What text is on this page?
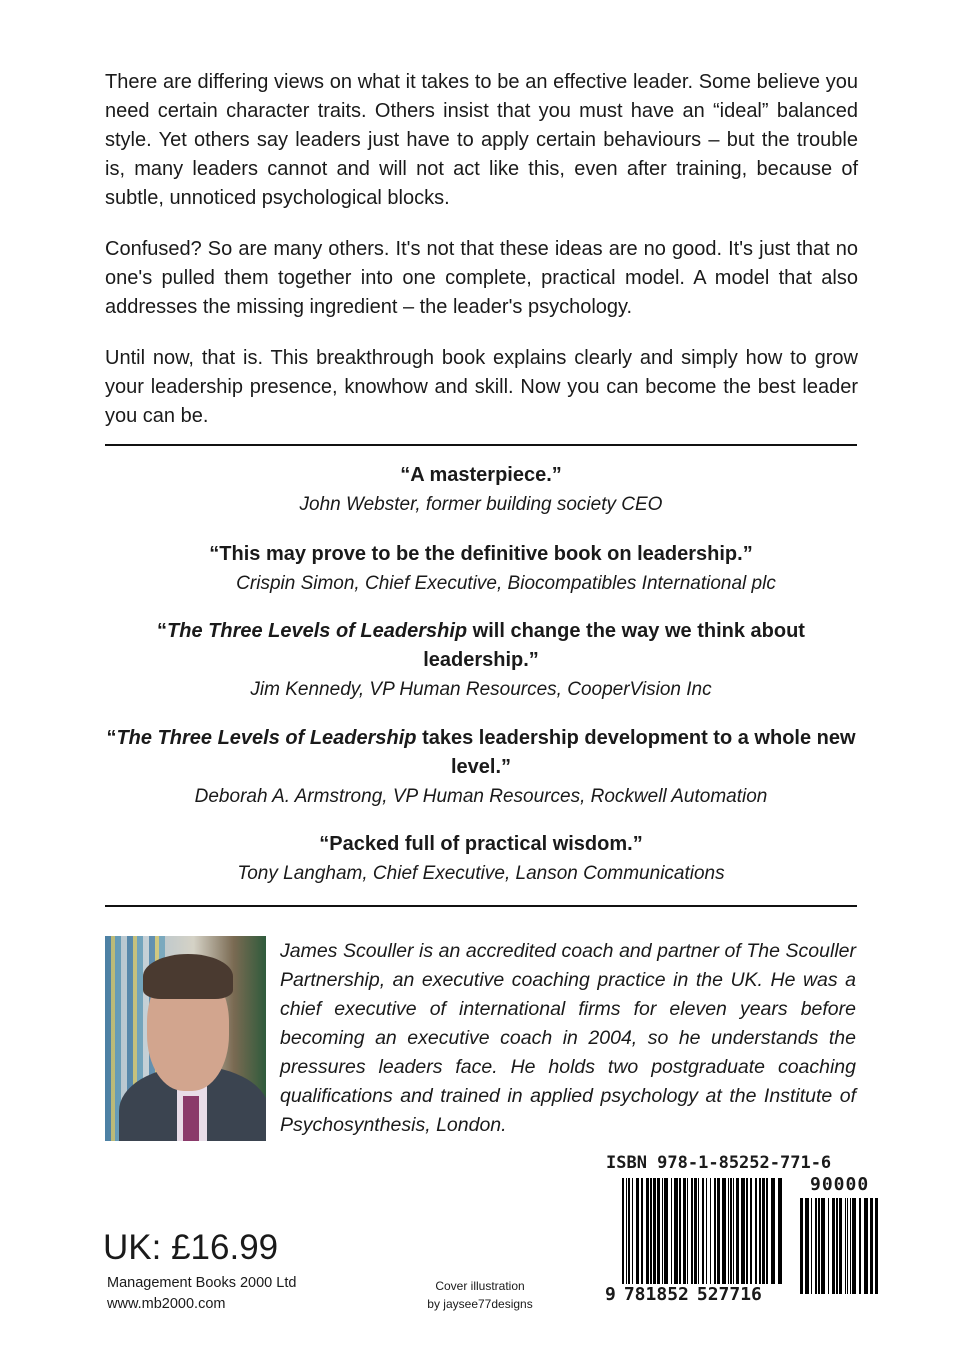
There are differing views on what it takes to be an effective leader. Some believe you need certain character traits. Others insist that you must have an “ideal” balanced style. Yet others say leaders just have to apply certain behaviours – but the trouble is, many leaders cannot and will not act like this, even after training, because of subtle, unnoticed psychological blocks.

Confused? So are many others. It's not that these ideas are no good. It's just that no one's pulled them together into one complete, practical model. A model that also addresses the missing ingredient – the leader's psychology.

Until now, that is. This breakthrough book explains clearly and simply how to grow your leadership presence, knowhow and skill. Now you can become the best leader you can be.

“A masterpiece.”
John Webster, former building society CEO
“This may prove to be the definitive book on leadership.”
Crispin Simon, Chief Executive, Biocompatibles International plc
“The Three Levels of Leadership will change the way we think about leadership.”
Jim Kennedy, VP Human Resources, CooperVision Inc
“The Three Levels of Leadership takes leadership development to a whole new level.”
Deborah A. Armstrong, VP Human Resources, Rockwell Automation
“Packed full of practical wisdom.”
Tony Langham, Chief Executive, Lanson Communications
James Scouller is an accredited coach and partner of The Scouller Partnership, an executive coaching practice in the UK. He was a chief executive of international firms for eleven years before becoming an executive coach in 2004, so he understands the pressures leaders face. He holds two postgraduate coaching qualifications and trained in applied psychology at the Institute of Psychosynthesis, London.
ISBN 978-1-85252-771-6
90000
9 781852 527716
UK: £16.99
Management Books 2000 Ltd
www.mb2000.com
Cover illustration
by jaysee77designs
